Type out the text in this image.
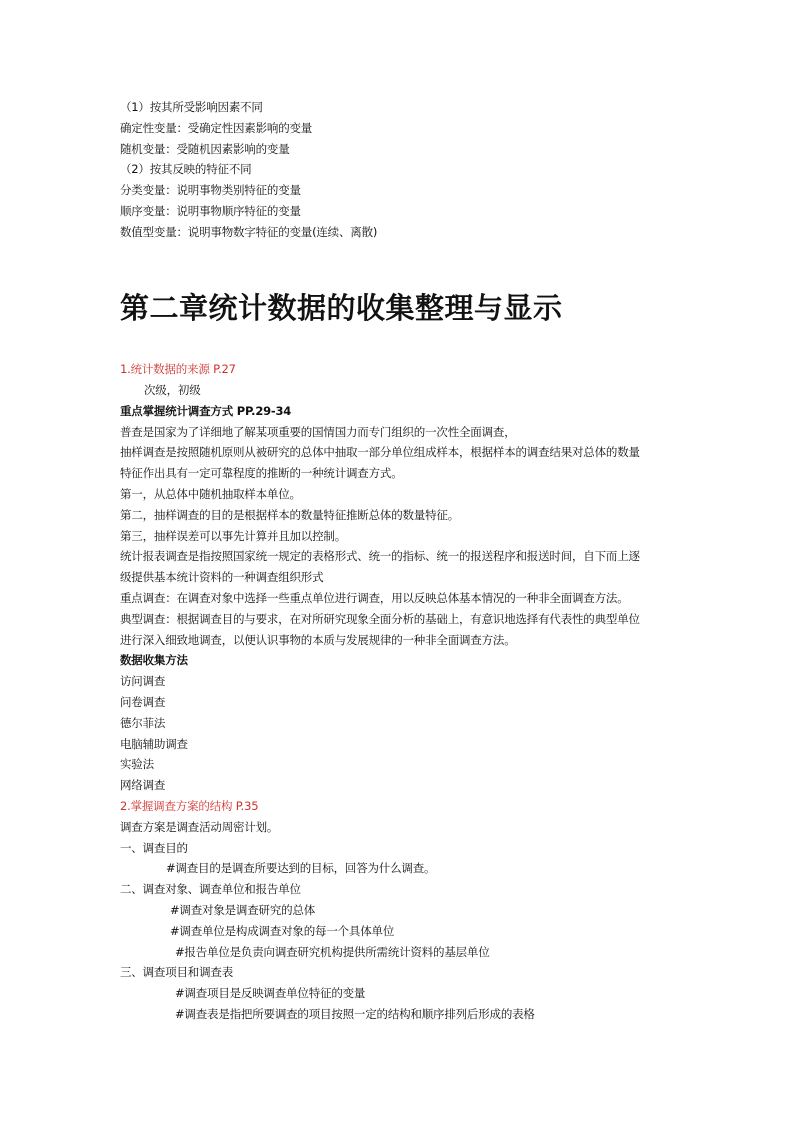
（1）按其所受影响因素不同
确定性变量：受确定性因素影响的变量
随机变量：受随机因素影响的变量
（2）按其反映的特征不同
分类变量：说明事物类别特征的变量
顺序变量：说明事物顺序特征的变量
数值型变量：说明事物数字特征的变量(连续、离散)
第二章统计数据的收集整理与显示
1.统计数据的来源 P.27
次级，初级
重点掌握统计调查方式 PP.29-34
普查是国家为了详细地了解某项重要的国情国力而专门组织的一次性全面调查，
抽样调查是按照随机原则从被研究的总体中抽取一部分单位组成样本，根据样本的调查结果对总体的数量
特征作出具有一定可靠程度的推断的一种统计调查方式。
第一，从总体中随机抽取样本单位。
第二，抽样调查的目的是根据样本的数量特征推断总体的数量特征。
第三，抽样误差可以事先计算并且加以控制。
统计报表调查是指按照国家统一规定的表格形式、统一的指标、统一的报送程序和报送时间，自下而上逐
级提供基本统计资料的一种调查组织形式
重点调查：在调查对象中选择一些重点单位进行调查，用以反映总体基本情况的一种非全面调查方法。
典型调查：根据调查目的与要求，在对所研究现象全面分析的基础上，有意识地选择有代表性的典型单位
进行深入细致地调查，以便认识事物的本质与发展规律的一种非全面调查方法。
数据收集方法
访问调查
问卷调查
德尔菲法
电脑辅助调查
实验法
网络调查
2.掌握调查方案的结构 P.35
调查方案是调查活动周密计划。
一、调查目的
#调查目的是调查所要达到的目标，回答为什么调查。
二、调查对象、调查单位和报告单位
#调查对象是调查研究的总体
#调查单位是构成调查对象的每一个具体单位
#报告单位是负责向调查研究机构提供所需统计资料的基层单位
三、调查项目和调查表
#调查项目是反映调查单位特征的变量
#调查表是指把所要调查的项目按照一定的结构和顺序排列后形成的表格
